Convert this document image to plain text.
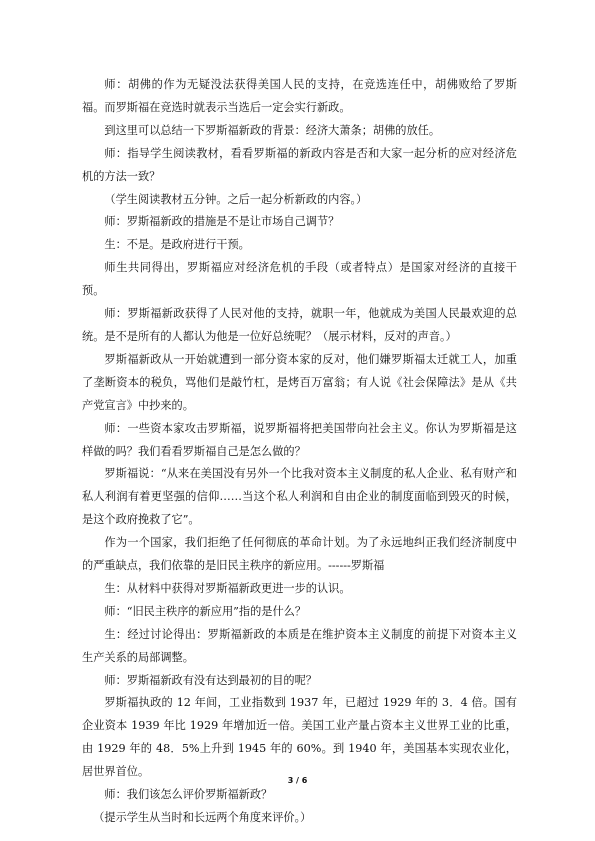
师：胡佛的作为无疑没法获得美国人民的支持，在竞选连任中，胡佛败给了罗斯福。而罗斯福在竞选时就表示当选后一定会实行新政。

到这里可以总结一下罗斯福新政的背景：经济大萧条；胡佛的放任。

师：指导学生阅读教材，看看罗斯福的新政内容是否和大家一起分析的应对经济危机的方法一致？

（学生阅读教材五分钟。之后一起分析新政的内容。）

师：罗斯福新政的措施是不是让市场自己调节？

生：不是。是政府进行干预。

师生共同得出，罗斯福应对经济危机的手段（或者特点）是国家对经济的直接干预。

师：罗斯福新政获得了人民对他的支持，就职一年，他就成为美国人民最欢迎的总统。是不是所有的人都认为他是一位好总统呢？（展示材料，反对的声音。）

罗斯福新政从一开始就遭到一部分资本家的反对，他们嫌罗斯福太迁就工人，加重了垄断资本的税负，骂他们是敲竹杠，是烤百万富翁；有人说《社会保障法》是从《共产党宣言》中抄来的。

师：一些资本家攻击罗斯福，说罗斯福将把美国带向社会主义。你认为罗斯福是这样做的吗？我们看看罗斯福自己是怎么做的？

罗斯福说：“从来在美国没有另外一个比我对资本主义制度的私人企业、私有财产和私人利润有着更坚强的信仰……当这个私人利润和自由企业的制度面临到毁灭的时候，是这个政府挽救了它”。

作为一个国家，我们拒绝了任何彻底的革命计划。为了永远地纠正我们经济制度中的严重缺点，我们依靠的是旧民主秩序的新应用。------罗斯福

生：从材料中获得对罗斯福新政更进一步的认识。

师：“旧民主秩序的新应用”指的是什么？

生：经过讨论得出：罗斯福新政的本质是在维护资本主义制度的前提下对资本主义生产关系的局部调整。

师：罗斯福新政有没有达到最初的目的呢？

罗斯福执政的 12 年间，工业指数到 1937 年，已超过 1929 年的 3．4 倍。国有企业资本 1939 年比 1929 年增加近一倍。美国工业产量占资本主义世界工业的比重，由 1929 年的 48．5%上升到 1945 年的 60%。到 1940 年，美国基本实现农业化，居世界首位。

师：我们该怎么评价罗斯福新政？

（提示学生从当时和长远两个角度来评价。）

3 / 6
